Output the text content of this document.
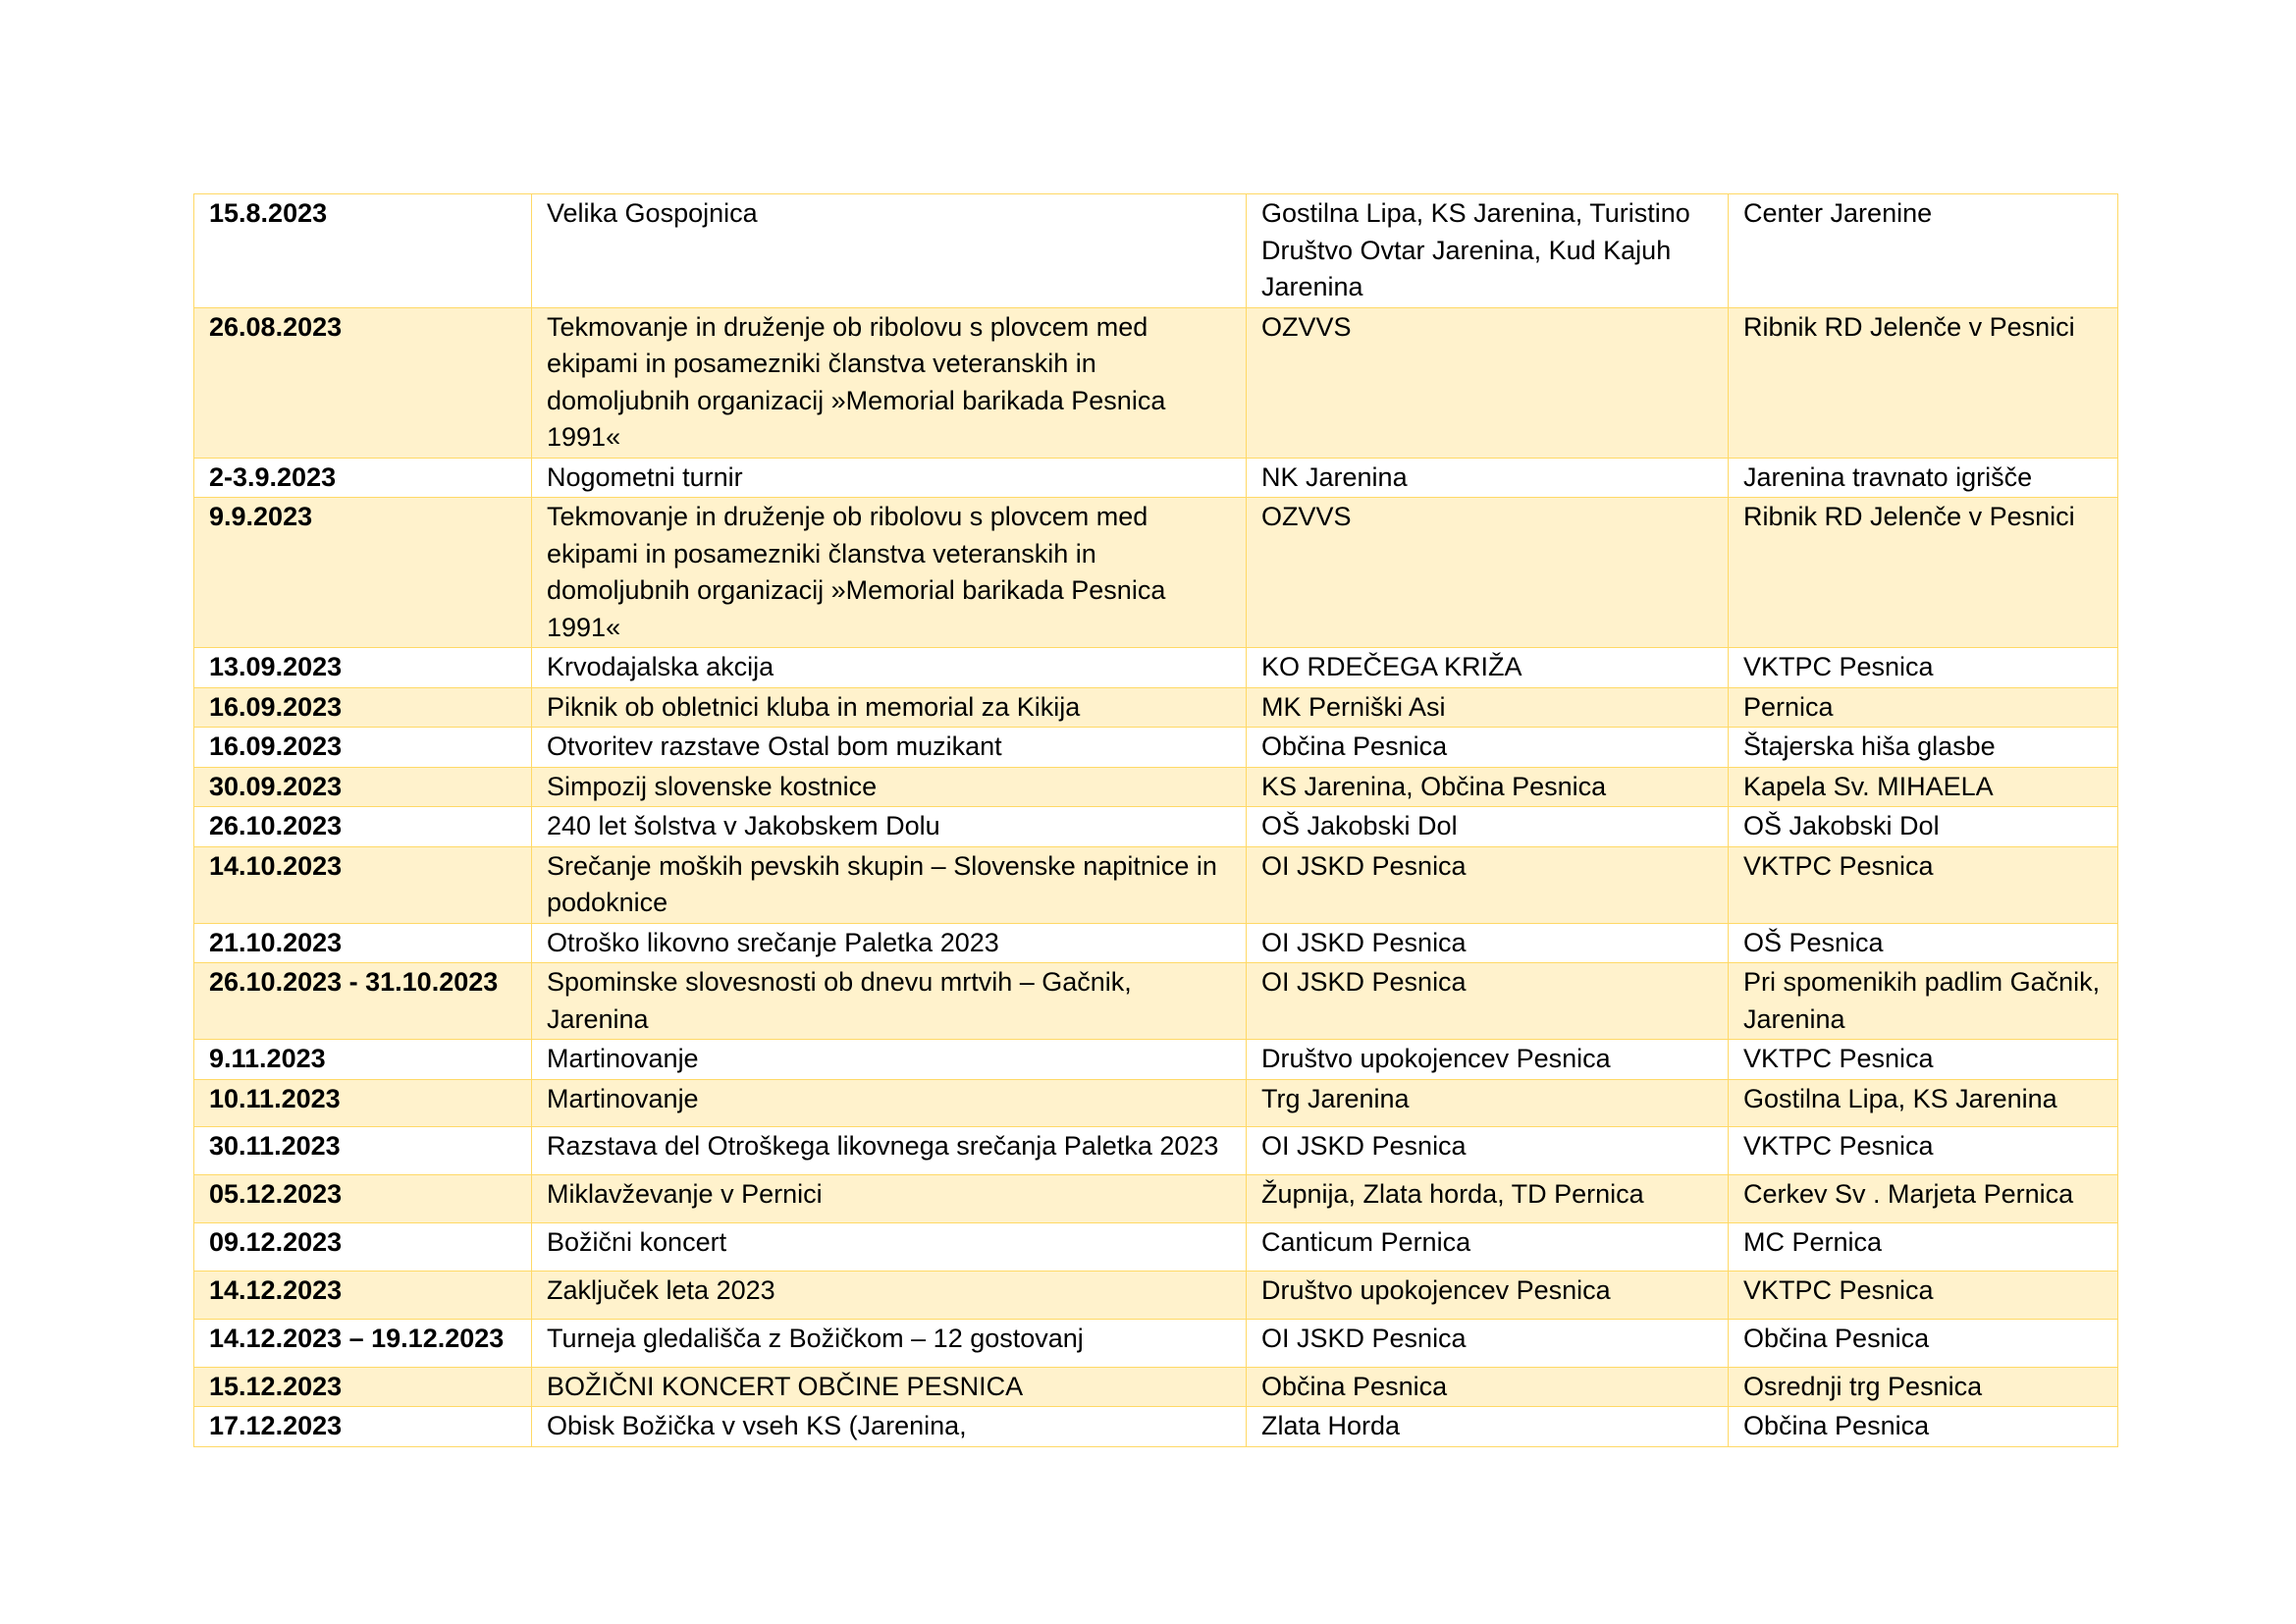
15.8.2023	Velika Gospojnica	Gostilna Lipa, KS Jarenina, Turistino Društvo Ovtar Jarenina, Kud Kajuh Jarenina	Center Jarenine
26.08.2023	Tekmovanje in druženje ob ribolovu s plovcem med ekipami in posamezniki članstva veteranskih in domoljubnih organizacij »Memorial barikada Pesnica 1991«	OZVVS	Ribnik RD Jelenče v Pesnici
2-3.9.2023	Nogometni turnir	NK Jarenina	Jarenina travnato igrišče
9.9.2023	Tekmovanje in druženje ob ribolovu s plovcem med ekipami in posamezniki članstva veteranskih in domoljubnih organizacij »Memorial barikada Pesnica 1991«	OZVVS	Ribnik RD Jelenče v Pesnici
13.09.2023	Krvodajalska akcija	KO RDEČEGA KRIŽA	VKTPC Pesnica
16.09.2023	Piknik ob obletnici kluba in memorial za Kikija	MK Perniški Asi	Pernica
16.09.2023	Otvoritev razstave Ostal bom muzikant	Občina Pesnica	Štajerska hiša glasbe
30.09.2023	Simpozij slovenske kostnice	KS Jarenina, Občina Pesnica	Kapela Sv. MIHAELA
26.10.2023	240 let šolstva v Jakobskem Dolu	OŠ Jakobski Dol	OŠ Jakobski Dol
14.10.2023	Srečanje moških pevskih skupin – Slovenske napitnice in podoknice	OI JSKD Pesnica	VKTPC Pesnica
21.10.2023	Otroško likovno srečanje Paletka 2023	OI JSKD Pesnica	OŠ Pesnica
26.10.2023 - 31.10.2023	Spominske slovesnosti ob dnevu mrtvih – Gačnik, Jarenina	OI JSKD Pesnica	Pri spomenikih padlim Gačnik, Jarenina
9.11.2023	Martinovanje	Društvo upokojencev Pesnica	VKTPC Pesnica
10.11.2023	Martinovanje	Trg Jarenina	Gostilna Lipa, KS Jarenina
30.11.2023	Razstava del Otroškega likovnega srečanja Paletka 2023	OI JSKD Pesnica	VKTPC Pesnica
05.12.2023	Miklavževanje v Pernici	Župnija, Zlata horda, TD Pernica	Cerkev Sv . Marjeta Pernica
09.12.2023	Božični koncert	Canticum Pernica	MC Pernica
14.12.2023	Zaključek leta 2023	Društvo upokojencev Pesnica	VKTPC Pesnica
14.12.2023 – 19.12.2023	Turneja gledališča z Božičkom – 12 gostovanj	OI JSKD Pesnica	Občina Pesnica
15.12.2023	BOŽIČNI KONCERT OBČINE PESNICA	Občina Pesnica	Osrednji trg Pesnica
17.12.2023	Obisk Božička v vseh KS (Jarenina,	Zlata Horda	Občina Pesnica
